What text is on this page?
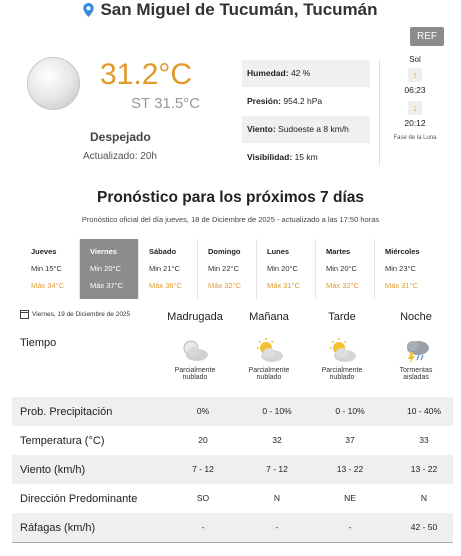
San Miguel de Tucumán, Tucumán
REF
31.2°C
ST 31.5°C
Despejado
Actualizado: 20h
Humedad: 42 %
Presión: 954.2 hPa
Viento: Sudoeste a 8 km/h
Visibilidad: 15 km
Sol
↑
06:23
↓
20:12
Fase de la Luna
Pronóstico para los próximos 7 días
Pronóstico oficial del día jueves, 18 de Diciembre de 2025 - actualizado a las 17:50 horas
Jueves
Min 15°C
Máx 34°C
Viernes
Min 20°C
Máx 37°C
Sábado
Min 21°C
Máx 36°C
Domingo
Min 22°C
Máx 32°C
Lunes
Min 20°C
Máx 31°C
Martes
Min 20°C
Máx 32°C
Miércoles
Min 23°C
Máx 31°C
Viernes, 19 de Diciembre de 2025	Madrugada	Mañana	Tarde	Noche
Tiempo
Parcialmente
nublado
Parcialmente
nublado
Parcialmente
nublado
Tormentas
aisladas
Prob. Precipitación	0%	0 - 10%	0 - 10%	10 - 40%
Temperatura (°C)	20	32	37	33
Viento (km/h)	7 - 12	7 - 12	13 - 22	13 - 22
Dirección Predominante	SO	N	NE	N
Ráfagas (km/h)	-	-	-	42 - 50
